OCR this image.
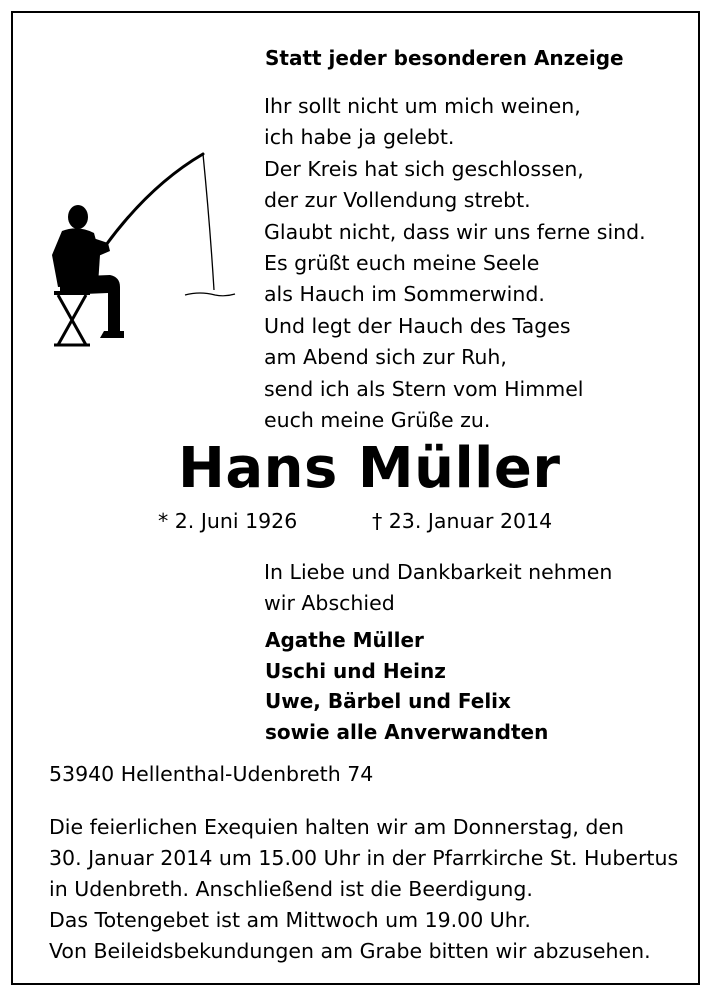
Statt jeder besonderen Anzeige

Ihr sollt nicht um mich weinen,
ich habe ja gelebt.
Der Kreis hat sich geschlossen,
der zur Vollendung strebt.
Glaubt nicht, dass wir uns ferne sind.
Es grüßt euch meine Seele
als Hauch im Sommerwind.
Und legt der Hauch des Tages
am Abend sich zur Ruh,
send ich als Stern vom Himmel
euch meine Grüße zu.

Hans Müller

* 2. Juni 1926	† 23. Januar 2014

In Liebe und Dankbarkeit nehmen
wir Abschied
Agathe Müller
Uschi und Heinz
Uwe, Bärbel und Felix
sowie alle Anverwandten

53940 Hellenthal-Udenbreth 74

Die feierlichen Exequien halten wir am Donnerstag, den
30. Januar 2014 um 15.00 Uhr in der Pfarrkirche St. Hubertus
in Udenbreth. Anschließend ist die Beerdigung.
Das Totengebet ist am Mittwoch um 19.00 Uhr.
Von Beileidsbekundungen am Grabe bitten wir abzusehen.
